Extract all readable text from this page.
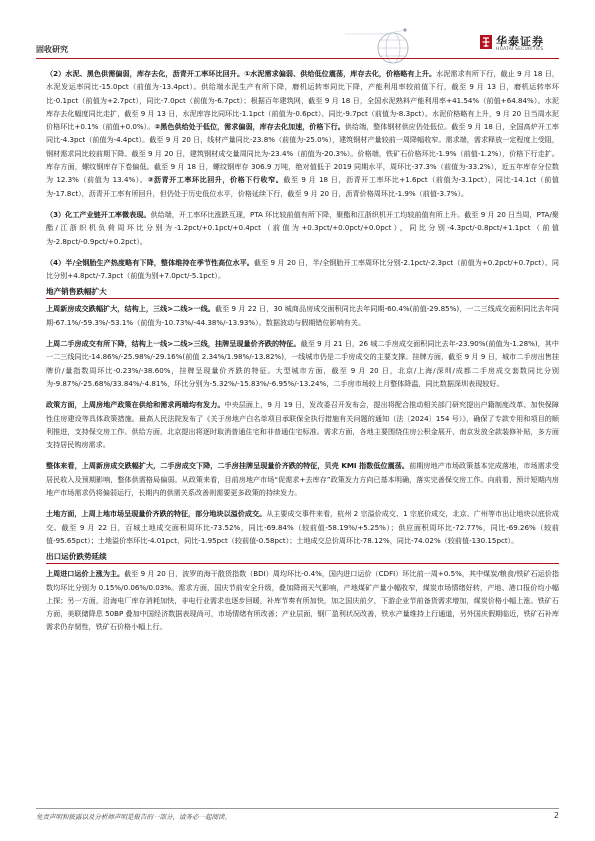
固收研究
华泰证券
HUATAI SECURITIES

（2）水泥、黑色供需偏弱，库存去化，沥青开工率环比回升。①水泥需求偏弱、供给低位震荡，库存去化，价格略有上升。水泥需求有所下行，截止 9 月 18 日，水泥发运率同比-15.0pct（前值为-13.4pct）。供给端水泥生产有所下降，磨机运转率同比下降，产能利用率较前值下行，截至 9 月 13 日，磨机运转率环比-0.1pct（前值为+2.7pct），同比-7.0pct（前值为-6.7pct）；根据百年建筑网，截至 9 月 18 日，全国水泥熟料产能利用率+41.54%（前值+64.84%）。水泥库存去化幅度同比走扩，截至 9 月 13 日，水泥库容比同环比-1.1pct（前值为-0.6pct）、同比-9.7pct（前值为-8.3pct）。水泥价格略有上升，9 月 20 日当周水泥价格环比+0.1%（前值+0.0%）。②黑色供给处于低位，需求偏弱，库存去化加速，价格下行。供给端，整体钢材供应仍处低位。截至 9 月 18 日，全国高炉开工率同比-4.3pct（前值为-4.4pct）。截至 9 月 20 日，线材产量同比-23.8%（前值为-25.0%），建筑钢材产量较前一周降幅收窄。需求端，需求释放一定程度上受阻，钢材需求同比较前期下降。截至 9 月 20 日，建筑钢材成交量周同比为-23.4%（前值为-20.3%）。价格端，铁矿石价格环比-1.9%（前值-1.2%），价格下行走扩。库存方面，螺纹钢库存下卷偏低。截至 9 月 18 日，螺纹钢库存 306.9 万吨，绝对值低于 2019 同期水平，周环比-37.3%（前值为-33.2%），近五年库存分位数为 12.3%（前值为 13.4%）。③沥青开工率环比回升，价格下行收窄。截至 9 月 18 日，沥青开工率环比+1.6pct（前值为-3.1pct），同比-14.1ct（前值为-17.8ct），沥青开工率有所回升，但仍处于历史低位水平，价格延续下行，截至 9 月 20 日，沥青价格周环比-1.9%（前值-3.7%）。

（3）化工产业链开工率微表现。供给端，开工率环比涨跌互现，PTA 环比较前值有所下降，聚酯和江浙织机开工均较前值有所上升。截至 9 月 20 日当周，PTA/聚酯/江浙织机负荷周环比分别为-1.2pct/+0.1pct/+0.4pct（前值为+0.3pct/+0.0pct/+0.0pct），同比分别-4.3pct/-0.8pct/+1.1pct（前值为-2.8pct/-0.9pct/+0.2pct）。

（4）半/全钢胎生产热度略有下降，整体维持在季节性高位水平。截至 9 月 20 日，半/全钢胎开工率周环比分别-2.1pct/-2.3pct（前值为+0.2pct/+0.7pct）、同比分别+4.8pct/-7.3pct（前值为别+7.0pct/-5.1pct）。

地产销售跌幅扩大

上周新房成交跌幅扩大，结构上，三线>二线>一线。截至 9 月 22 日，30 城商品房成交面积同比去年同期-60.4%(前值-29.85%)，一二三线成交面积同比去年同期-67.1%/-59.3%/-53.1%（前值为-10.73%/-44.38%/-13.93%）。数据波动与假期错位影响有关。

上周二手房成交有所下降，结构上一线>二线>三线，挂牌呈现量价齐跌的特征。截至 9 月 21 日，26 城二手房成交面积同比去年-23.90%(前值为-1.28%)，其中一二三线同比-14.86%/-25.98%/-29.16%(前值 2.34%/1.98%/-13.82%)，一线城市仍是二手房成交的主要支撑。挂牌方面，截至 9 月 9 日，城市二手房出售挂牌价/量指数周环比-0.23%/-38.60%，挂牌呈现量价齐跌的特征。大型城市方面，截至 9 月 20 日，北京/上海/深圳/成都二手房成交套数同比分别为-9.87%/-25.68%/33.84%/-4.81%，环比分别为-5.32%/-15.83%/-6.95%/-13.24%，二手房市场较上月整体降温，同比数据深圳表现较好。

政策方面，上周房地产政策在供给和需求两端均有发力。中央层面上，9 月 19 日，发改委召开发布会，提出将配合推动相关部门研究提出户籍制度改革、加快保障性住房建设等具体政策措施。最高人民法院发布了《关于房地产白名单项目承联保全执行措施有关问题的通知（法〔2024〕154 号）》，确保了专款专用和项目的顺利推进，支持保交房工作。供给方面，北京提出将逐时取消普通住宅和非普通住宅标准。需求方面，各地主要围绕住房公积金展开，南京发放全款装修补贴，多方面支持居民购房需求。

整体来看，上周新房成交跌幅扩大，二手房成交下降，二手房挂牌呈现量价齐跌的特征，贝壳 KMI 指数低位震荡。前期房地产市场政策基本完成落地，市场需求受居民收入及预期影响，整体供需格局偏弱。从政策来看，目前房地产市场“促需求+去库存”政策发力方向已基本明确，落实完善保交房工作。向前看，预计短期内房地产市场需求仍将偏弱运行，长期内的供需关系改善则需要更多政策的持续发力。

土地方面，上周上地市场呈现量价齐跌的特征，部分地块以溢价成交。从主要成交事件来看，杭州 2 宗溢价成交、1 宗底价成交，北京、广州等市出让地块以底价成交。截至 9 月 22 日，百城土地成交面积周环比-73.52%，同比-69.84%（较前值-58.19%/+5.25%）；供应面积周环比-72.77%，同比-69.26%（较前值-95.65pct）；土地溢价率环比-4.01pct，同比-1.95pct（较前值-0.58pct）；土地成交总价周环比-78.12%，同比-74.02%（较前值-130.15pct）。

出口运价跌势延续

上周进口运价上涨为主。截至 9 月 20 日，波罗的海干散货指数（BDI）周均环比-0.4%，国内进口运价（CDFI）环比前一周+0.5%，其中煤炭/粮食/铁矿石运价指数均环比分别为 0.15%/0.06%/0.03%。需求方面，国庆节前安全升级，叠加降雨天气影响，产地煤矿产量小幅收窄，煤炭市场情绪好转，产地、港口报价均小幅上探；另一方面，沿海电厂库存消耗加快，非电行业需求也逐步回暖，补库节奏有所加快，加之国庆前夕，下游企业节前备货需求增加，煤炭价格小幅上涨。铁矿石方面，美联储降息 50BP 叠加中国经济数据表现尚可，市场情绪有所改善；产业层面，钢厂盈利状况改善，铁水产量维持上行通道，另外国庆假期临近，铁矿石补库需求仍存韧性，铁矿石价格小幅上行。

免责声明和披露以及分析师声明是报告的一部分，请务必一起阅读。	2
